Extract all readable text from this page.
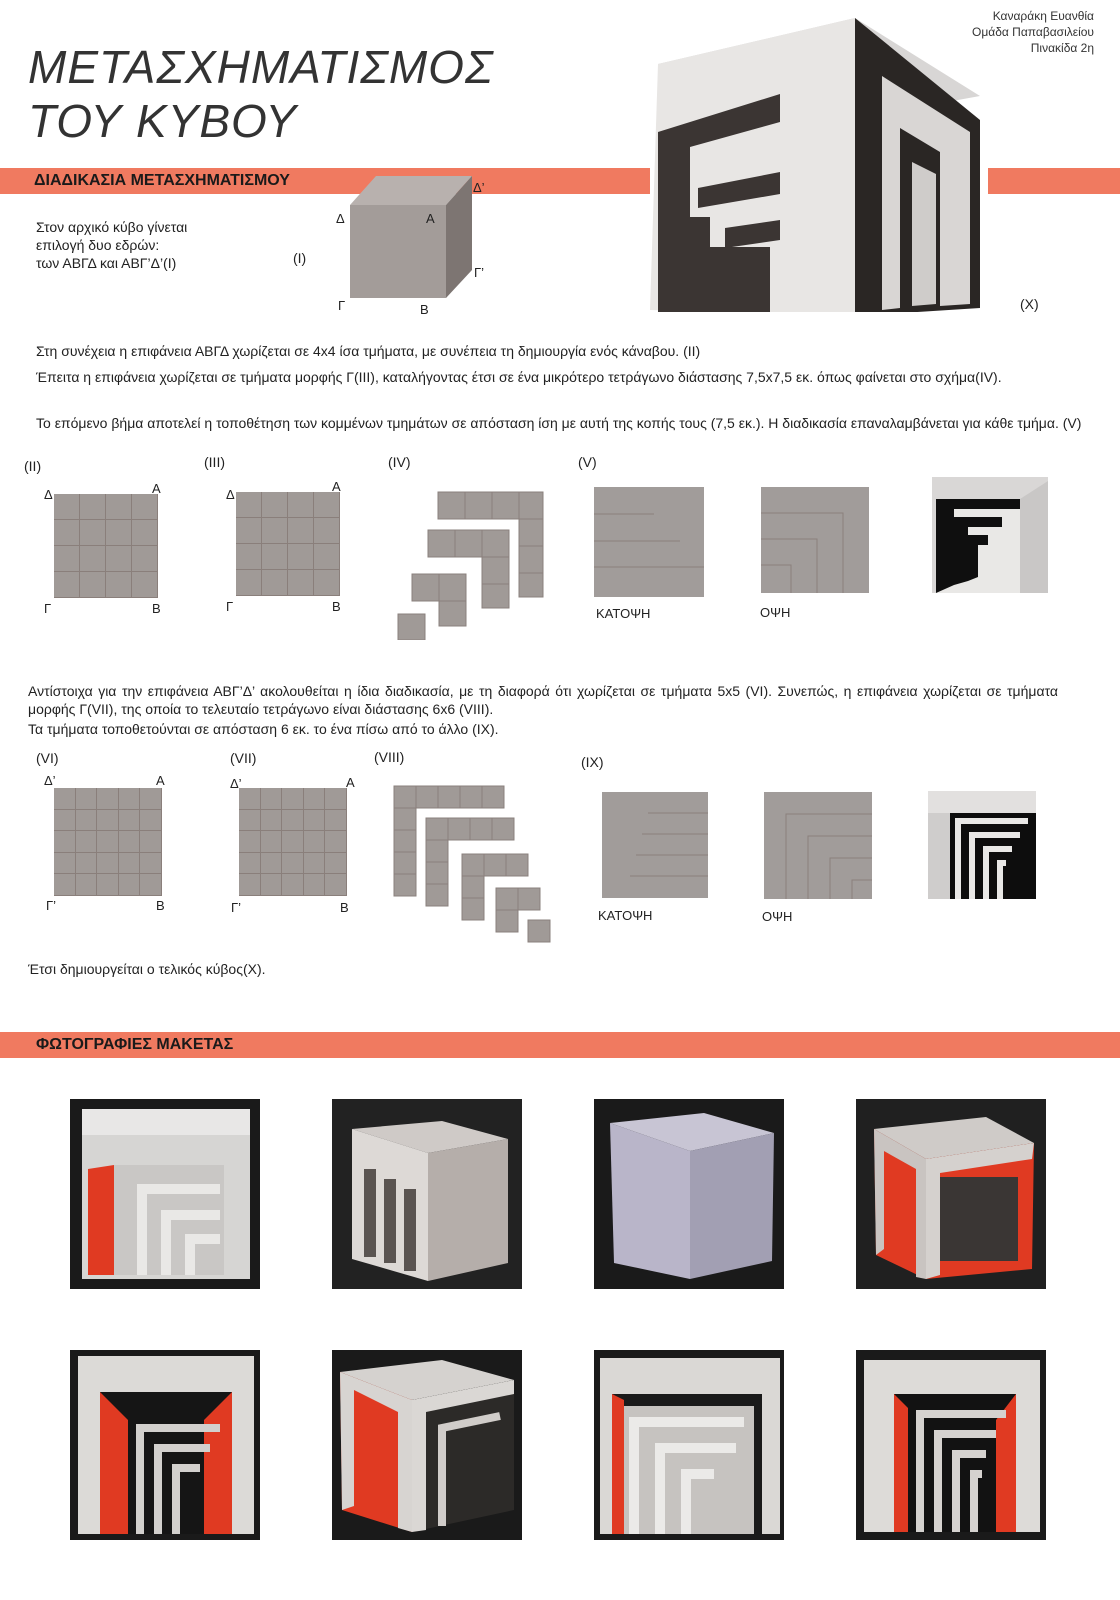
Καναράκη Ευανθία
Ομάδα Παπαβασιλείου
Πινακίδα 2η
ΜΕΤΑΣΧΗΜΑΤΙΣΜΟΣ
ΤΟΥ ΚΥΒΟΥ
ΔΙΑΔΙΚΑΣΙΑ ΜΕΤΑΣΧΗΜΑΤΙΣΜΟΥ
Στον αρχικό κύβο γίνεται
επιλογή δυο εδρών:
των ΑΒΓΔ και ΑΒΓ’Δ’(Ι)	(Ι)
Δ	Α
Δ’
Γ’
Γ	Β	(Χ)
Στη συνέχεια η επιφάνεια ΑΒΓΔ χωρίζεται σε 4x4 ίσα τμήματα, με συνέπεια τη δημιουργία ενός κάναβου. (ΙΙ)
Έπειτα η επιφάνεια χωρίζεται σε τμήματα μορφής Γ(ΙΙΙ), καταλήγοντας έτσι σε ένα μικρότερο τετράγωνο διάστασης 7,5x7,5 εκ. όπως φαίνεται στο σχήμα(IV).
Το επόμενο βήμα αποτελεί η τοποθέτηση των κομμένων τμημάτων σε απόσταση ίση με αυτή της κοπής τους (7,5 εκ.). Η διαδικασία επαναλαμβάνεται για κάθε τμήμα. (V)
(ΙΙ)	(ΙΙΙ)	(IV)	(V)
Δ	Α
Γ	Β
Δ
Α
Γ	Β	ΚΑΤΟΨΗ	ΟΨΗ
Αντίστοιχα για την επιφάνεια ΑΒΓ’Δ’ ακολουθείται η ίδια διαδικασία, με τη διαφορά ότι χωρίζεται σε τμήματα 5x5 (VI). Συνεπώς, η επιφάνεια χωρίζεται σε τμήματα μορφής Γ(VII), της οποία το τελευταίο τετράγωνο είναι διάστασης 6x6 (VIII).
Τα τμήματα τοποθετούνται σε απόσταση 6 εκ. το ένα πίσω από το άλλο (IX).
(VI)	(VII)	(VIII)	(IX)
Δ’	Α
Γ’	Β
Δ’	Α
Γ’	Β
ΚΑΤΟΨΗ	ΟΨΗ
Έτσι δημιουργείται ο τελικός κύβος(Χ).
ΦΩΤΟΓΡΑΦΙΕΣ ΜΑΚΕΤΑΣ
